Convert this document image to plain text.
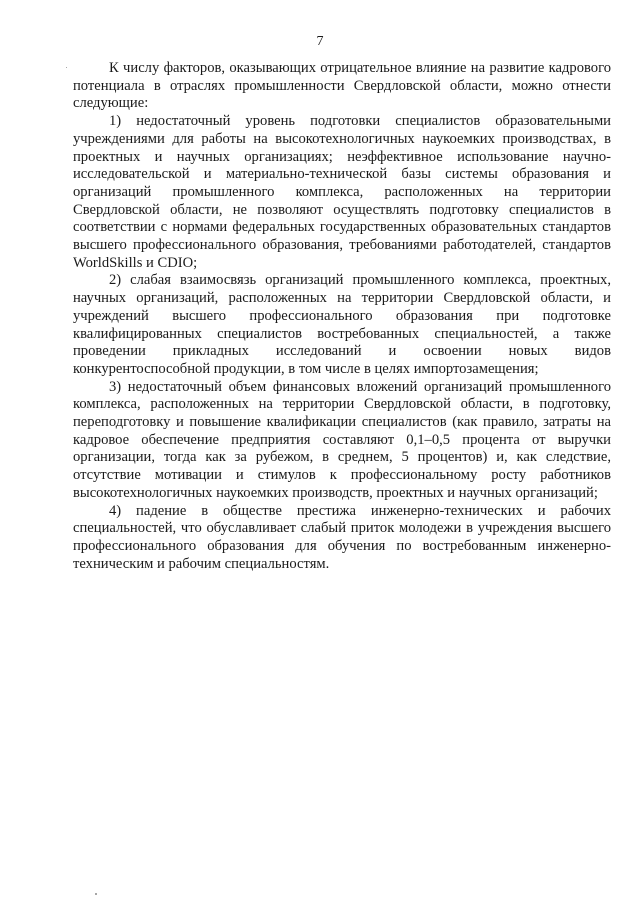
7

К числу факторов, оказывающих отрицательное влияние на развитие кадрового потенциала в отраслях промышленности Свердловской области, можно отнести следующие:

1) недостаточный уровень подготовки специалистов образовательными учреждениями для работы на высокотехнологичных наукоемких производствах, в проектных и научных организациях; неэффективное использование научно-исследовательской и материально-технической базы системы образования и организаций промышленного комплекса, расположенных на территории Свердловской области, не позволяют осуществлять подготовку специалистов в соответствии с нормами федеральных государственных образовательных стандартов высшего профессионального образования, требованиями работодателей, стандартов WorldSkills и CDIO;

2) слабая взаимосвязь организаций промышленного комплекса, проектных, научных организаций, расположенных на территории Свердловской области, и учреждений высшего профессионального образования при подготовке квалифицированных специалистов востребованных специальностей, а также проведении прикладных исследований и освоении новых видов конкурентоспособной продукции, в том числе в целях импортозамещения;

3) недостаточный объем финансовых вложений организаций промышленного комплекса, расположенных на территории Свердловской области, в подготовку, переподготовку и повышение квалификации специалистов (как правило, затраты на кадровое обеспечение предприятия составляют 0,1–0,5 процента от выручки организации, тогда как за рубежом, в среднем, 5 процентов) и, как следствие, отсутствие мотивации и стимулов к профессиональному росту работников высокотехнологичных наукоемких производств, проектных и научных организаций;

4) падение в обществе престижа инженерно-технических и рабочих специальностей, что обуславливает слабый приток молодежи в учреждения высшего профессионального образования для обучения по востребованным инженерно-техническим и рабочим специальностям.
